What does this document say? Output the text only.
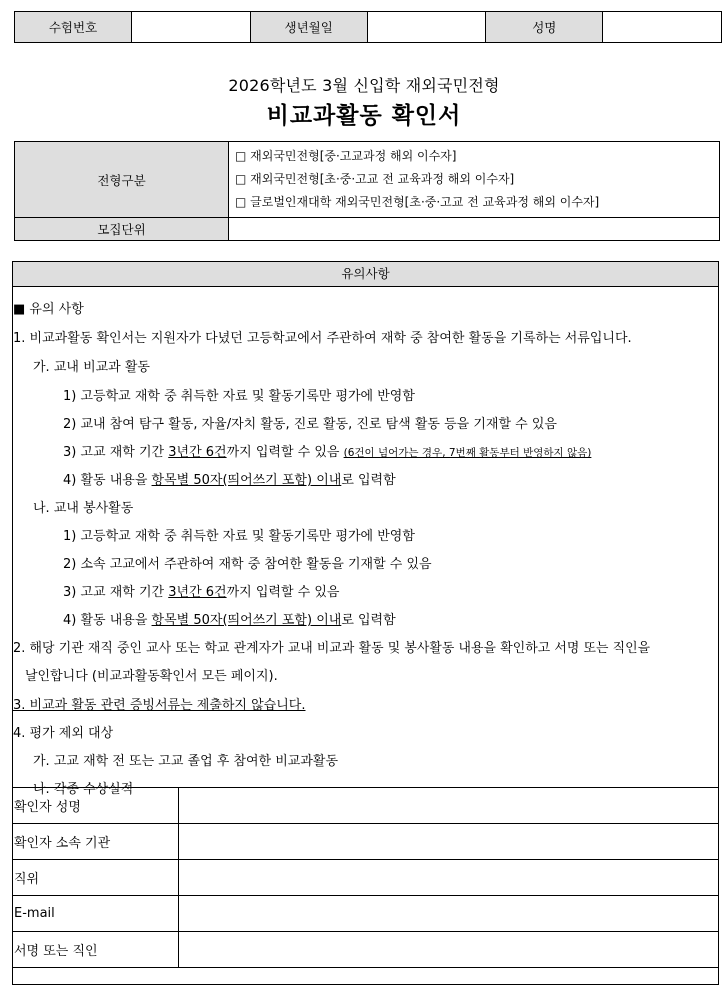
수험번호		생년월일		성명	
2026학년도 3월 신입학 재외국민전형
비교과활동 확인서
전형구분	□ 재외국민전형[중·고교과정 해외 이수자]
□ 재외국민전형[초·중·고교 전 교육과정 해외 이수자]
□ 글로벌인재대학 재외국민전형[초·중·고교 전 교육과정 해외 이수자]

모집단위	
유의사항
■ 유의 사항
1. 비교과활동 확인서는 지원자가 다녔던 고등학교에서 주관하여 재학 중 참여한 활동을 기록하는 서류입니다.
가. 교내 비교과 활동
1) 고등학교 재학 중 취득한 자료 및 활동기록만 평가에 반영함
2) 교내 참여 탐구 활동, 자율/자치 활동, 진로 활동, 진로 탐색 활동 등을 기재할 수 있음
3) 고교 재학 기간 3년간 6건까지 입력할 수 있음 (6건이 넘어가는 경우, 7번째 활동부터 반영하지 않음)
4) 활동 내용을 항목별 50자(띄어쓰기 포함) 이내로 입력함
나. 교내 봉사활동
1) 고등학교 재학 중 취득한 자료 및 활동기록만 평가에 반영함
2) 소속 고교에서 주관하여 재학 중 참여한 활동을 기재할 수 있음
3) 고교 재학 기간 3년간 6건까지 입력할 수 있음
4) 활동 내용을 항목별 50자(띄어쓰기 포함) 이내로 입력함
2. 해당 기관 재직 중인 교사 또는 학교 관계자가 교내 비교과 활동 및 봉사활동 내용을 확인하고 서명 또는 직인을
날인합니다 (비교과활동확인서 모든 페이지).
3. 비교과 활동 관련 증빙서류는 제출하지 않습니다.
4. 평가 제외 대상
가. 고교 재학 전 또는 고교 졸업 후 참여한 비교과활동
나. 각종 수상실적
확인자 성명	
확인자 소속 기관	
직위	
E-mail	
서명 또는 직인	
